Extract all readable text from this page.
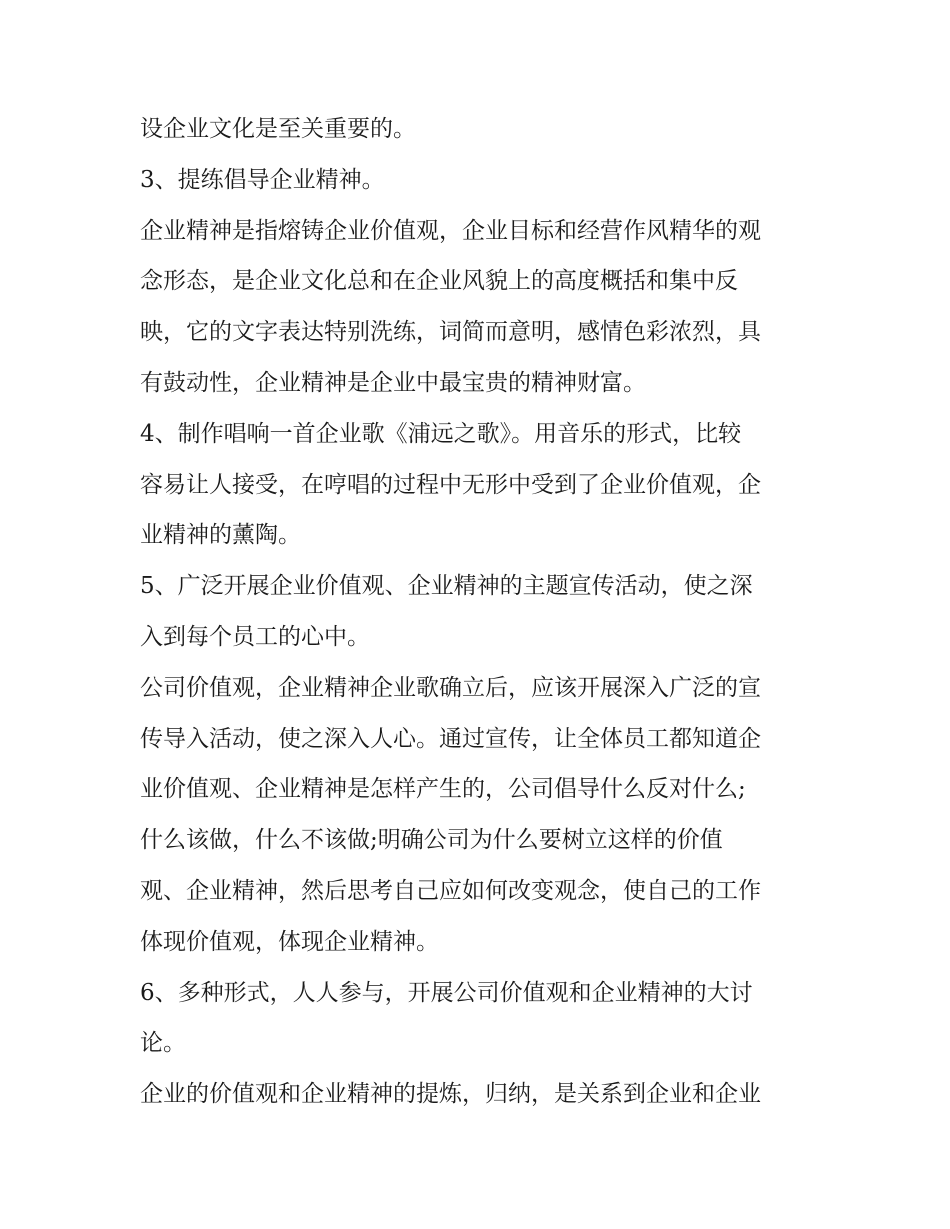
设企业文化是至关重要的。
3、提练倡导企业精神。
企业精神是指熔铸企业价值观，企业目标和经营作风精华的观
念形态，是企业文化总和在企业风貌上的高度概括和集中反
映，它的文字表达特别洗练，词简而意明，感情色彩浓烈，具
有鼓动性，企业精神是企业中最宝贵的精神财富。
4、制作唱响一首企业歌《浦远之歌》。用音乐的形式，比较
容易让人接受，在哼唱的过程中无形中受到了企业价值观，企
业精神的薰陶。
5、广泛开展企业价值观、企业精神的主题宣传活动，使之深
入到每个员工的心中。
公司价值观，企业精神企业歌确立后，应该开展深入广泛的宣
传导入活动，使之深入人心。通过宣传，让全体员工都知道企
业价值观、企业精神是怎样产生的，公司倡导什么反对什么;
什么该做，什么不该做;明确公司为什么要树立这样的价值
观、企业精神，然后思考自己应如何改变观念，使自己的工作
体现价值观，体现企业精神。
6、多种形式，人人参与，开展公司价值观和企业精神的大讨
论。
企业的价值观和企业精神的提炼，归纳，是关系到企业和企业
